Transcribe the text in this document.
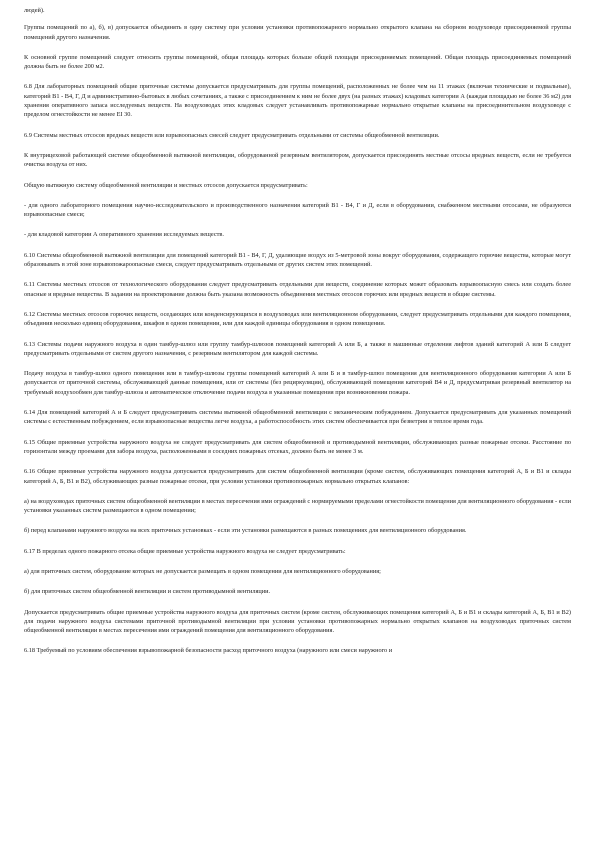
людей).

Группы помещений по а), б), в) допускается объединять в одну систему при условии установки противопожарного нормально открытого клапана на сборном воздуховоде присоединяемой группы помещений другого назначения.

К основной группе помещений следует относить группы помещений, общая площадь которых больше общей площади присоединяемых помещений. Общая площадь присоединяемых помещений должна быть не более 200 м2.

6.8 Для лабораторных помещений общие приточные системы допускается предусматривать для группы помещений, расположенных не более чем на 11 этажах (включая технические и подвальные), категорий В1 - В4, Г, Д и административно-бытовых в любых сочетаниях, а также с присоединением к ним не более двух (на разных этажах) кладовых категории А (каждая площадью не более 36 м2) для хранения оперативного запаса исследуемых веществ. На воздуховодах этих кладовых следует устанавливать противопожарные нормально открытые клапаны на присоединительном воздуховоде с пределом огнестойкости не менее EI 30.

6.9 Системы местных отсосов вредных веществ или взрывоопасных смесей следует предусматривать отдельными от системы общеобменной вентиляции.

К внутрицеховой работающей системе общеобменной вытяжной вентиляции, оборудованной резервным вентилятором, допускается присоединять местные отсосы вредных веществ, если не требуется очистка воздуха от них.

Общую вытяжную систему общеобменной вентиляции и местных отсосов допускается предусматривать:

- для одного лабораторного помещения научно-исследовательского и производственного назначения категорий В1 - В4, Г и Д, если в оборудовании, снабженном местными отсосами, не образуются взрывоопасные смеси;

- для кладовой категории А оперативного хранения исследуемых веществ.

6.10 Системы общеобменной вытяжной вентиляции для помещений категорий В1 - В4, Г, Д, удаляющие воздух из 5-метровой зоны вокруг оборудования, содержащего горючие вещества, которые могут образовывать в этой зоне взрывопожароопасные смеси, следует предусматривать отдельными от других систем этих помещений.

6.11 Системы местных отсосов от технологического оборудования следует предусматривать отдельными для веществ, соединение которых может образовать взрывоопасную смесь или создать более опасные и вредные вещества. В задании на проектирование должна быть указана возможность объединения местных отсосов горючих или вредных веществ в общие системы.

6.12 Системы местных отсосов горючих веществ, оседающих или конденсирующихся в воздуховодах или вентиляционном оборудовании, следует предусматривать отдельными для каждого помещения, объединив несколько единиц оборудования, шкафов в одном помещении, или для каждой единицы оборудования в одном помещении.

6.13 Системы подачи наружного воздуха в один тамбур-шлюз или группу тамбур-шлюзов помещений категорий А или Б, а также в машинные отделения лифтов зданий категорий А или Б следует предусматривать отдельными от систем другого назначения, с резервным вентилятором для каждой системы.

Подачу воздуха в тамбур-шлюз одного помещения или в тамбур-шлюзы группы помещений категорий А или Б и в тамбур-шлюз помещения для вентиляционного оборудования категории А или Б допускается от приточной системы, обслуживающей данные помещения, или от системы (без рециркуляции), обслуживающей помещения категорий В4 и Д, предусматривая резервный вентилятор на требуемый воздухообмен для тамбур-шлюза и автоматическое отключение подачи воздуха в указанные помещения при возникновении пожара.

6.14 Для помещений категорий А и Б следует предусматривать системы вытяжной общеобменной вентиляции с механическим побуждением. Допускается предусматривать для указанных помещений системы с естественным побуждением, если взрывоопасные вещества легче воздуха, а работоспособность этих систем обеспечивается при безветрии в теплое время года.

6.15 Общие приемные устройства наружного воздуха не следует предусматривать для систем общеобменной и противодымной вентиляции, обслуживающих разные пожарные отсеки. Расстояние по горизонтали между проемами для забора воздуха, расположенными в соседних пожарных отсеках, должно быть не менее 3 м.

6.16 Общие приемные устройства наружного воздуха допускается предусматривать для систем общеобменной вентиляции (кроме систем, обслуживающих помещения категорий А, Б и В1 и склады категорий А, Б, В1 и В2), обслуживающих разные пожарные отсеки, при условии установки противопожарных нормально открытых клапанов:

а) на воздуховодах приточных систем общеобменной вентиляции в местах пересечения ими ограждений с нормируемыми пределами огнестойкости помещения для вентиляционного оборудования - если установки указанных систем размещаются в одном помещении;

б) перед клапанами наружного воздуха на всех приточных установках - если эти установки размещаются в разных помещениях для вентиляционного оборудования.

6.17 В пределах одного пожарного отсека общие приемные устройства наружного воздуха не следует предусматривать:

а) для приточных систем, оборудование которых не допускается размещать в одном помещении для вентиляционного оборудования;

б) для приточных систем общеобменной вентиляции и систем противодымной вентиляции.

Допускается предусматривать общие приемные устройства наружного воздуха для приточных систем (кроме систем, обслуживающих помещения категорий А, Б и В1 и склады категорий А, Б, В1 и В2) для подачи наружного воздуха системами приточной противодымной вентиляции при условии установки противопожарных нормально открытых клапанов на воздуховодах приточных систем общеобменной вентиляции в местах пересечения ими ограждений помещения для вентиляционного оборудования.

6.18 Требуемый по условиям обеспечения взрывопожарной безопасности расход приточного воздуха (наружного или смеси наружного и
